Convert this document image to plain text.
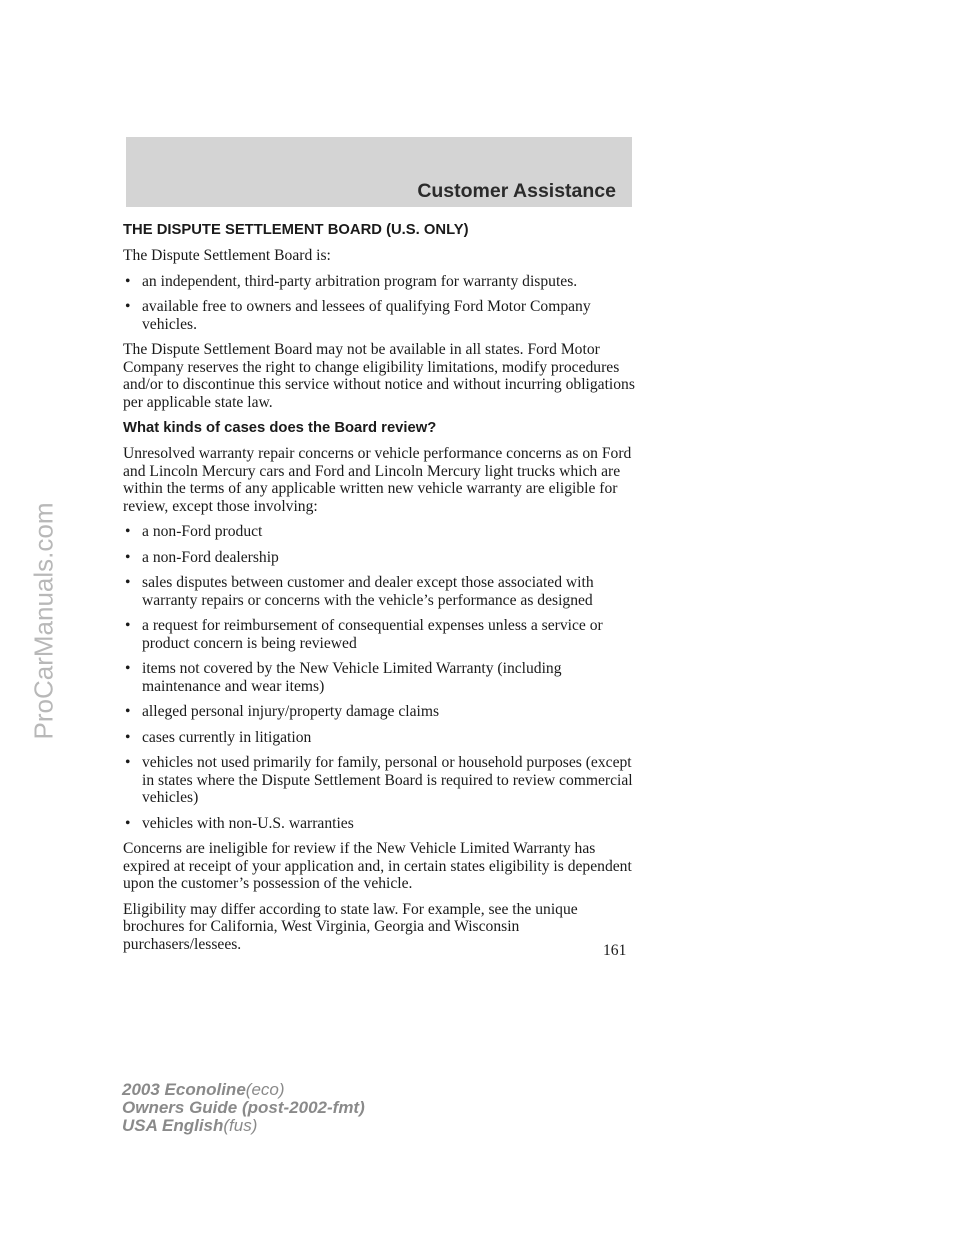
Customer Assistance
THE DISPUTE SETTLEMENT BOARD (U.S. ONLY)

The Dispute Settlement Board is:

• an independent, third-party arbitration program for warranty disputes.
• available free to owners and lessees of qualifying Ford Motor Company vehicles.

The Dispute Settlement Board may not be available in all states. Ford Motor Company reserves the right to change eligibility limitations, modify procedures and/or to discontinue this service without notice and without incurring obligations per applicable state law.

What kinds of cases does the Board review?

Unresolved warranty repair concerns or vehicle performance concerns as on Ford and Lincoln Mercury cars and Ford and Lincoln Mercury light trucks which are within the terms of any applicable written new vehicle warranty are eligible for review, except those involving:

• a non-Ford product
• a non-Ford dealership
• sales disputes between customer and dealer except those associated with warranty repairs or concerns with the vehicle’s performance as designed
• a request for reimbursement of consequential expenses unless a service or product concern is being reviewed
• items not covered by the New Vehicle Limited Warranty (including maintenance and wear items)
• alleged personal injury/property damage claims
• cases currently in litigation
• vehicles not used primarily for family, personal or household purposes (except in states where the Dispute Settlement Board is required to review commercial vehicles)
• vehicles with non-U.S. warranties

Concerns are ineligible for review if the New Vehicle Limited Warranty has expired at receipt of your application and, in certain states eligibility is dependent upon the customer’s possession of the vehicle.

Eligibility may differ according to state law. For example, see the unique brochures for California, West Virginia, Georgia and Wisconsin purchasers/lessees.	161
2003 Econoline(eco)
Owners Guide (post-2002-fmt)
USA English(fus)
ProCarManuals.com
